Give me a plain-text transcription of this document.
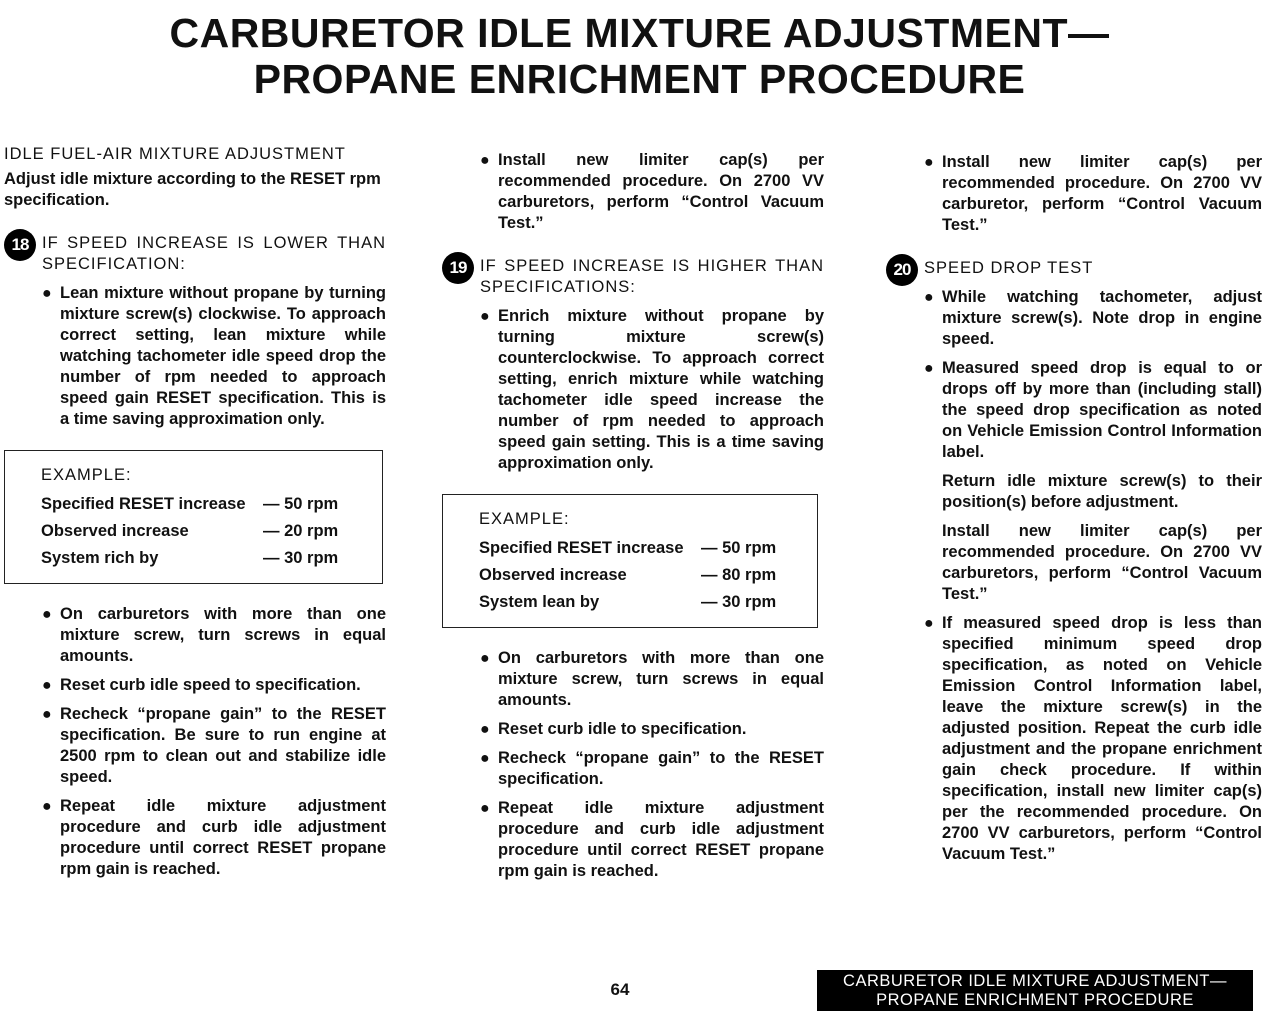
CARBURETOR IDLE MIXTURE ADJUSTMENT—
PROPANE ENRICHMENT PROCEDURE
IDLE FUEL-AIR MIXTURE ADJUSTMENT
Adjust idle mixture according to the RESET rpm specification.
18 IF SPEED INCREASE IS LOWER THAN SPECIFICATION:
● Lean mixture without propane by turning mixture screw(s) clockwise. To approach correct setting, lean mixture while watching tachometer idle speed drop the number of rpm needed to approach speed gain RESET specification. This is a time saving approximation only.
EXAMPLE:
Specified RESET increase	— 50 rpm
Observed increase	— 20 rpm
System rich by	— 30 rpm
● On carburetors with more than one mixture screw, turn screws in equal amounts.
● Reset curb idle speed to specification.
● Recheck “propane gain” to the RESET specification. Be sure to run engine at 2500 rpm to clean out and stabilize idle speed.
● Repeat idle mixture adjustment procedure and curb idle adjustment procedure until correct RESET propane rpm gain is reached.
● Install new limiter cap(s) per recommended procedure. On 2700 VV carburetors, perform “Control Vacuum Test.”
19 IF SPEED INCREASE IS HIGHER THAN SPECIFICATIONS:
● Enrich mixture without propane by turning mixture screw(s) counterclockwise. To approach correct setting, enrich mixture while watching tachometer idle speed increase the number of rpm needed to approach speed gain setting. This is a time saving approximation only.
EXAMPLE:
Specified RESET increase	— 50 rpm
Observed increase	— 80 rpm
System lean by	— 30 rpm
● On carburetors with more than one mixture screw, turn screws in equal amounts.
● Reset curb idle to specification.
● Recheck “propane gain” to the RESET specification.
● Repeat idle mixture adjustment procedure and curb idle adjustment procedure until correct RESET propane rpm gain is reached.
● Install new limiter cap(s) per recommended procedure. On 2700 VV carburetor, perform “Control Vacuum Test.”
20 SPEED DROP TEST
● While watching tachometer, adjust mixture screw(s). Note drop in engine speed.
● Measured speed drop is equal to or drops off by more than (including stall) the speed drop specification as noted on Vehicle Emission Control Information label.
Return idle mixture screw(s) to their position(s) before adjustment.
Install new limiter cap(s) per recommended procedure. On 2700 VV carburetors, perform “Control Vacuum Test.”
● If measured speed drop is less than specified minimum speed drop specification, as noted on Vehicle Emission Control Information label, leave the mixture screw(s) in the adjusted position. Repeat the curb idle adjustment and the propane enrichment gain check procedure. If within specification, install new limiter cap(s) per the recommended procedure. On 2700 VV carburetors, perform “Control Vacuum Test.”
64	CARBURETOR IDLE MIXTURE ADJUSTMENT—
PROPANE ENRICHMENT PROCEDURE
